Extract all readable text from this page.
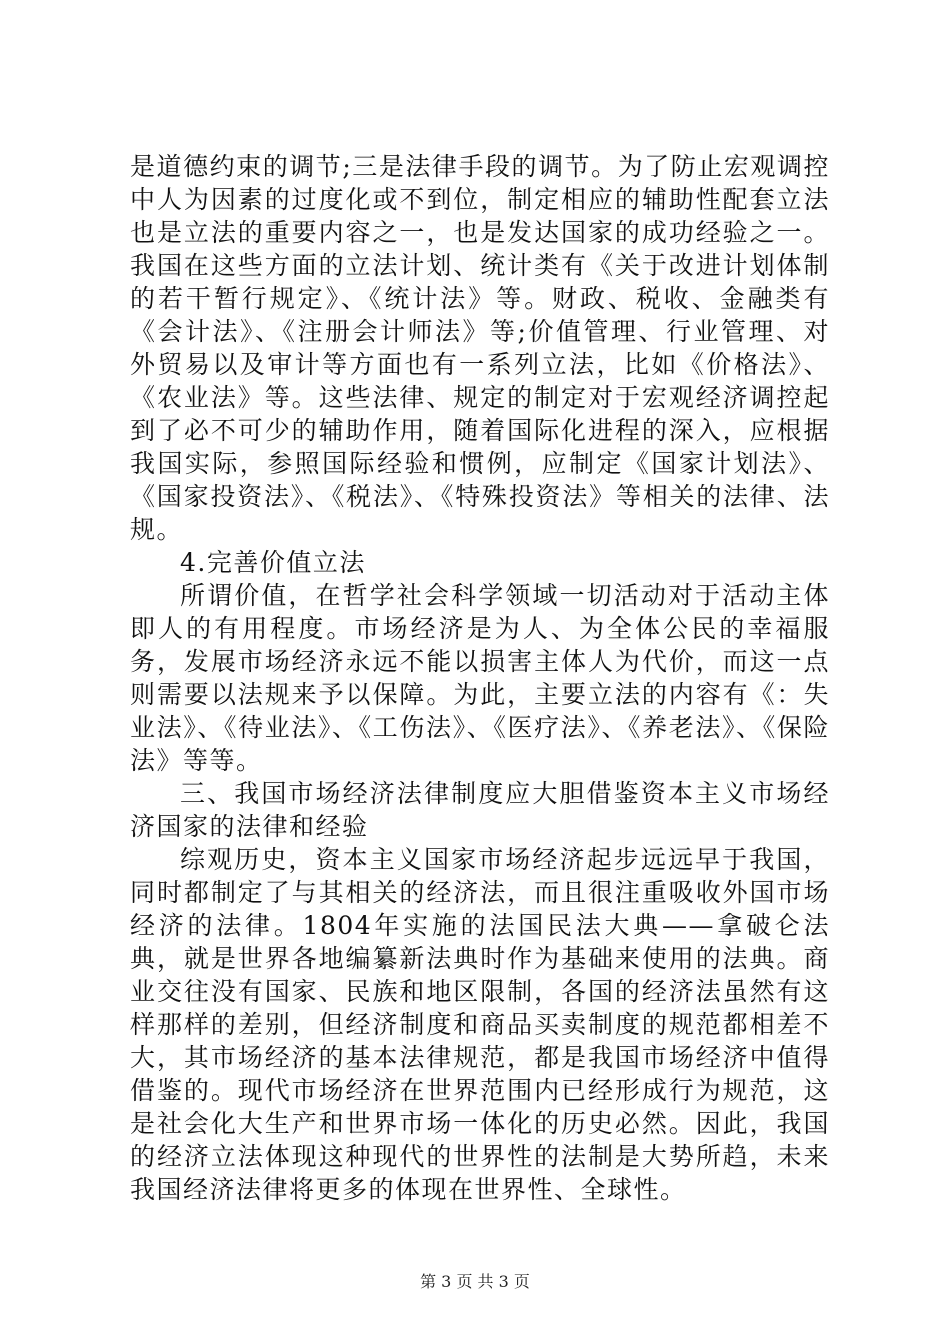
是道德约束的调节;三是法律手段的调节。为了防止宏观调控中人为因素的过度化或不到位，制定相应的辅助性配套立法也是立法的重要内容之一，也是发达国家的成功经验之一。我国在这些方面的立法计划、统计类有《关于改进计划体制的若干暂行规定》、《统计法》等。财政、税收、金融类有《会计法》、《注册会计师法》等;价值管理、行业管理、对外贸易以及审计等方面也有一系列立法，比如《价格法》、《农业法》等。这些法律、规定的制定对于宏观经济调控起到了必不可少的辅助作用，随着国际化进程的深入，应根据我国实际，参照国际经验和惯例，应制定《国家计划法》、《国家投资法》、《税法》、《特殊投资法》等相关的法律、法规。

4.完善价值立法

所谓价值，在哲学社会科学领域一切活动对于活动主体即人的有用程度。市场经济是为人、为全体公民的幸福服务，发展市场经济永远不能以损害主体人为代价，而这一点则需要以法规来予以保障。为此，主要立法的内容有《：失业法》、《待业法》、《工伤法》、《医疗法》、《养老法》、《保险法》等等。

三、我国市场经济法律制度应大胆借鉴资本主义市场经济国家的法律和经验

综观历史，资本主义国家市场经济起步远远早于我国，同时都制定了与其相关的经济法，而且很注重吸收外国市场经济的法律。1804年实施的法国民法大典——拿破仑法典，就是世界各地编纂新法典时作为基础来使用的法典。商业交往没有国家、民族和地区限制，各国的经济法虽然有这样那样的差别，但经济制度和商品买卖制度的规范都相差不大，其市场经济的基本法律规范，都是我国市场经济中值得借鉴的。现代市场经济在世界范围内已经形成行为规范，这是社会化大生产和世界市场一体化的历史必然。因此，我国的经济立法体现这种现代的世界性的法制是大势所趋，未来我国经济法律将更多的体现在世界性、全球性。

第 3 页 共 3 页
